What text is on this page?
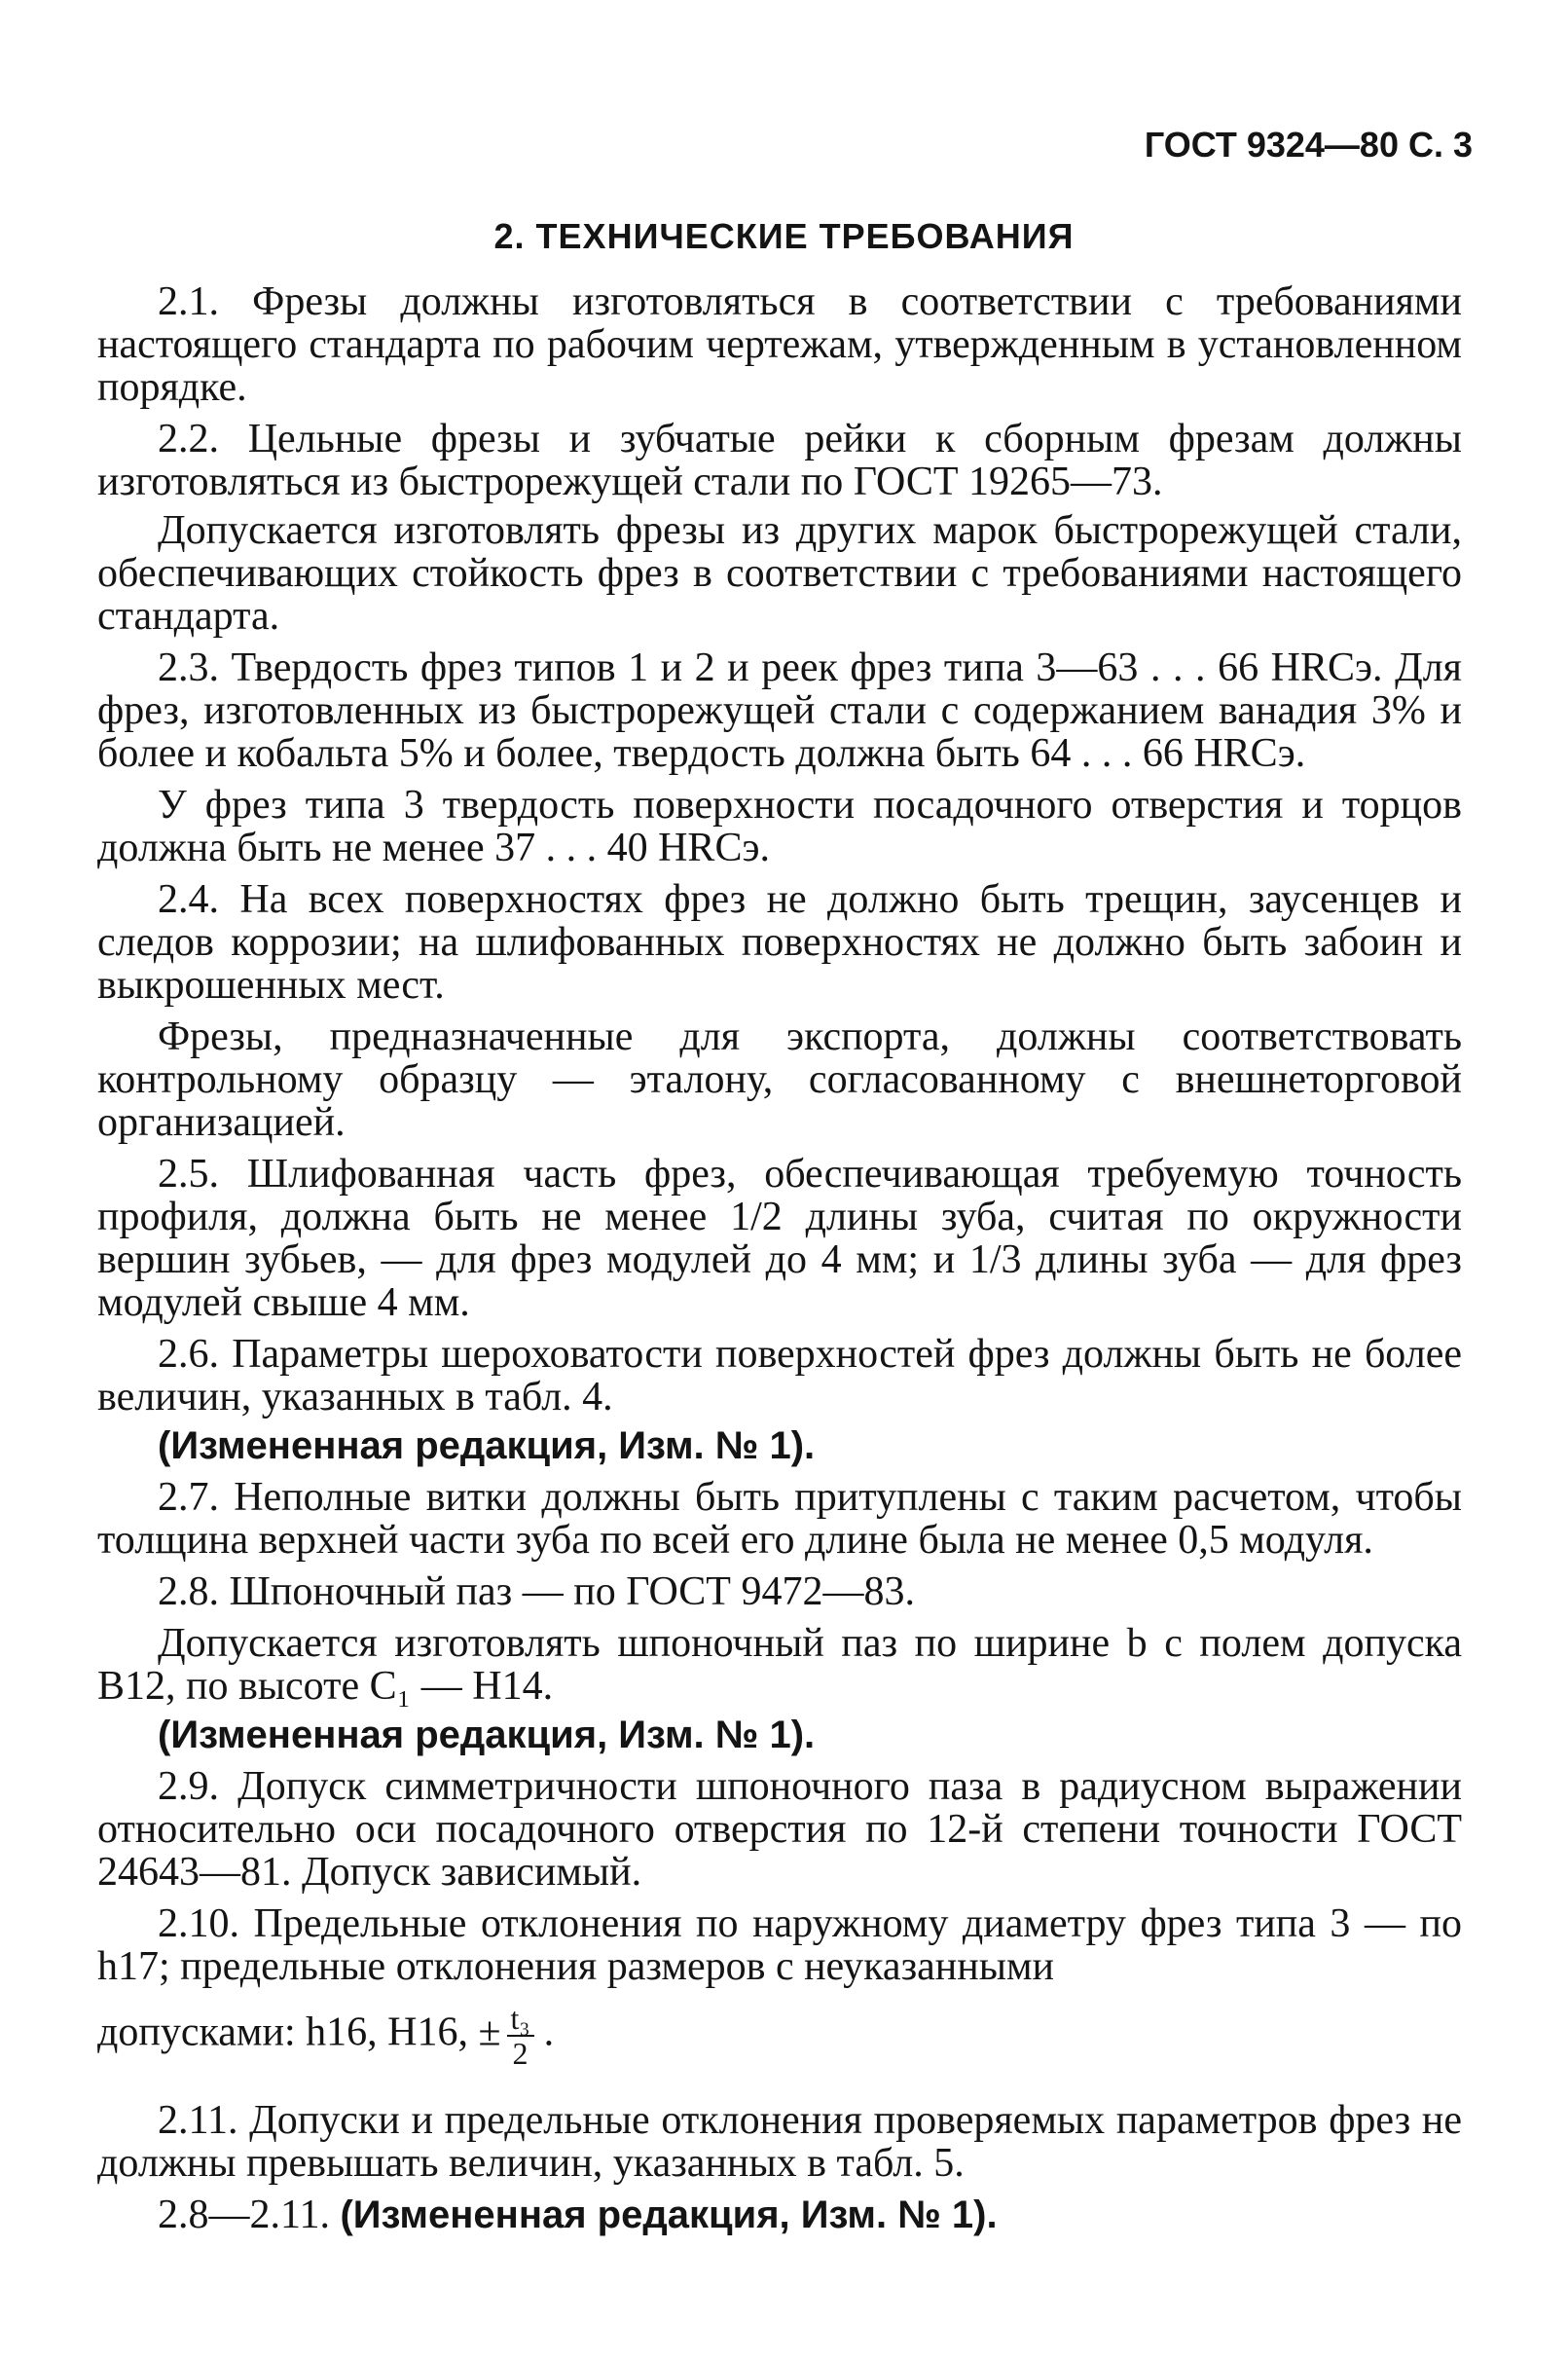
ГОСТ 9324—80 С. 3
2. ТЕХНИЧЕСКИЕ ТРЕБОВАНИЯ

2.1. Фрезы должны изготовляться в соответствии с требованиями настоящего стандарта по рабочим чертежам, утвержденным в установленном порядке.

2.2. Цельные фрезы и зубчатые рейки к сборным фрезам должны изготовляться из быстрорежущей стали по ГОСТ 19265—73.

Допускается изготовлять фрезы из других марок быстрорежущей стали, обеспечивающих стойкость фрез в соответствии с требованиями настоящего стандарта.

2.3. Твердость фрез типов 1 и 2 и реек фрез типа 3—63 . . . 66 HRCэ. Для фрез, изготовленных из быстрорежущей стали с содержанием ванадия 3% и более и кобальта 5% и более, твердость должна быть 64 . . . 66 HRCэ.

У фрез типа 3 твердость поверхности посадочного отверстия и торцов должна быть не менее 37 . . . 40 HRCэ.

2.4. На всех поверхностях фрез не должно быть трещин, заусенцев и следов коррозии; на шлифованных поверхностях не должно быть забоин и выкрошенных мест.

Фрезы, предназначенные для экспорта, должны соответствовать контрольному образцу — эталону, согласованному с внешнеторговой организацией.

2.5. Шлифованная часть фрез, обеспечивающая требуемую точность профиля, должна быть не менее 1/2 длины зуба, считая по окружности вершин зубьев, — для фрез модулей до 4 мм; и 1/3 длины зуба — для фрез модулей свыше 4 мм.

2.6. Параметры шероховатости поверхностей фрез должны быть не более величин, указанных в табл. 4.

(Измененная редакция, Изм. № 1).

2.7. Неполные витки должны быть притуплены с таким расчетом, чтобы толщина верхней части зуба по всей его длине была не менее 0,5 модуля.

2.8. Шпоночный паз — по ГОСТ 9472—83.

Допускается изготовлять шпоночный паз по ширине b с полем допуска B12, по высоте C₁ — H14.

(Измененная редакция, Изм. № 1).

2.9. Допуск симметричности шпоночного паза в радиусном выражении относительно оси посадочного отверстия по 12-й степени точности ГОСТ 24643—81. Допуск зависимый.

2.10. Предельные отклонения по наружному диаметру фрез типа 3 — по h17; предельные отклонения размеров с неуказанными

допусками: h16, H16, ± $\frac{\text{t₃}}{2}$ .

2.11. Допуски и предельные отклонения проверяемых параметров фрез не должны превышать величин, указанных в табл. 5.

2.8—2.11. (Измененная редакция, Изм. № 1).
